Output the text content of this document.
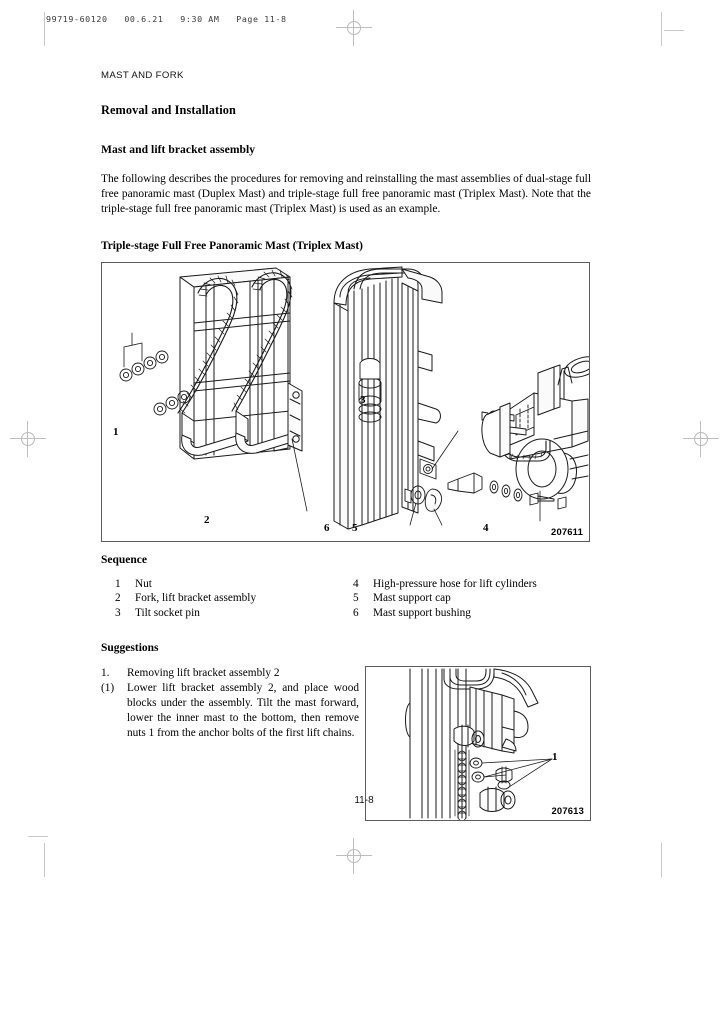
99719-60120   00.6.21   9:30 AM   Page 11-8
MAST AND FORK
Removal and Installation
Mast and lift bracket assembly

The following describes the procedures for removing and reinstalling the mast assemblies of dual-stage full free panoramic mast (Duplex Mast) and triple-stage full free panoramic mast (Triplex Mast). Note that the triple-stage full free panoramic mast (Triplex Mast) is used as an example.

Triple-stage Full Free Panoramic Mast (Triplex Mast)
1
2
3
4
5
6	207611
Sequence
1	Nut
2	Fork, lift bracket assembly
3	Tilt socket pin
4	High-pressure hose for lift cylinders
5	Mast support cap
6	Mast support bushing
Suggestions
1.	Removing lift bracket assembly 2
(1)	Lower lift bracket assembly 2, and place wood blocks under the assembly. Tilt the mast forward, lower the inner mast to the bottom, then remove nuts 1 from the anchor bolts of the first lift chains.
1
207613
11-8
